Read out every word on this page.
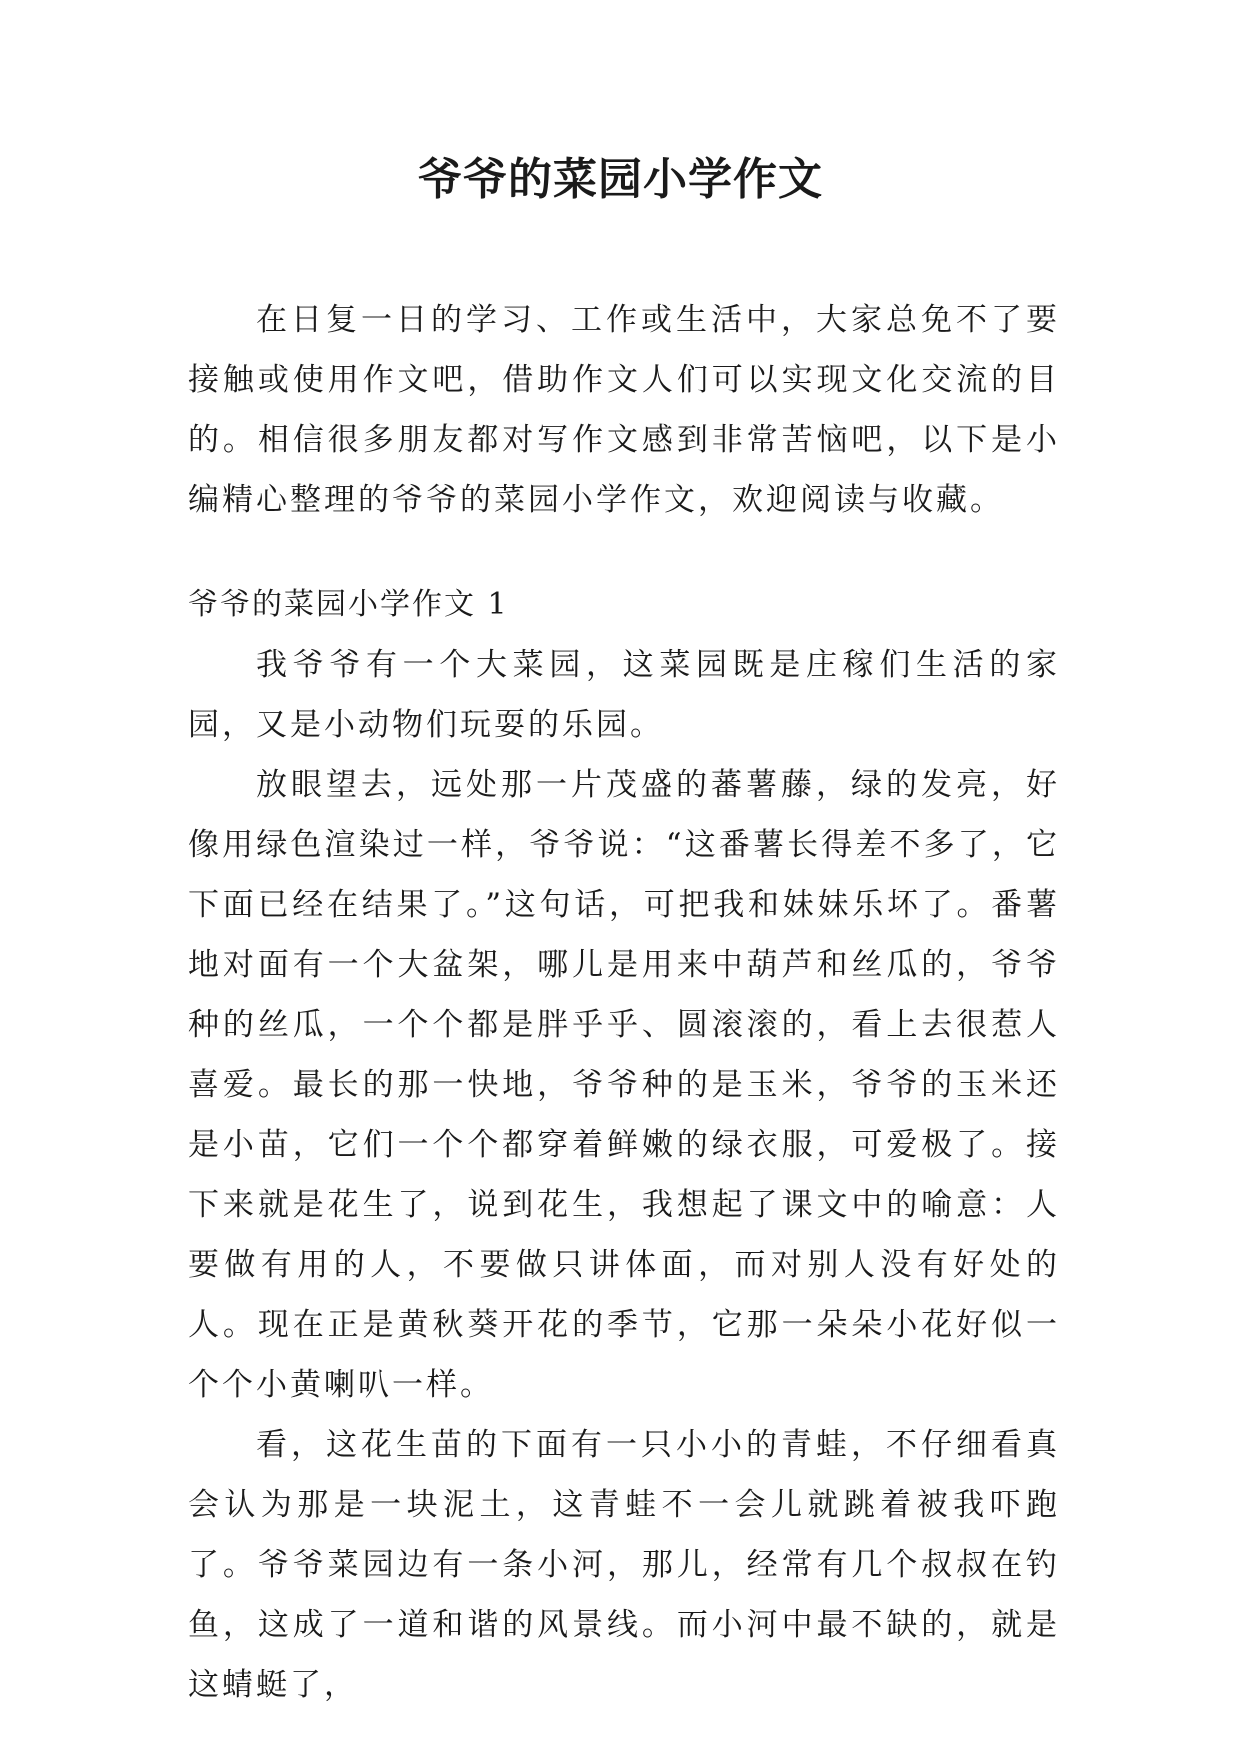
爷爷的菜园小学作文

在日复一日的学习、工作或生活中，大家总免不了要接触或使用作文吧，借助作文人们可以实现文化交流的目的。相信很多朋友都对写作文感到非常苦恼吧，以下是小编精心整理的爷爷的菜园小学作文，欢迎阅读与收藏。

爷爷的菜园小学作文 1

我爷爷有一个大菜园，这菜园既是庄稼们生活的家园，又是小动物们玩耍的乐园。

放眼望去，远处那一片茂盛的蕃薯藤，绿的发亮，好像用绿色渲染过一样，爷爷说：“这番薯长得差不多了，它下面已经在结果了。”这句话，可把我和妹妹乐坏了。番薯地对面有一个大盆架，哪儿是用来中葫芦和丝瓜的，爷爷种的丝瓜，一个个都是胖乎乎、圆滚滚的，看上去很惹人喜爱。最长的那一快地，爷爷种的是玉米，爷爷的玉米还是小苗，它们一个个都穿着鲜嫩的绿衣服，可爱极了。接下来就是花生了，说到花生，我想起了课文中的喻意：人要做有用的人，不要做只讲体面，而对别人没有好处的人。现在正是黄秋葵开花的季节，它那一朵朵小花好似一个个小黄喇叭一样。

看，这花生苗的下面有一只小小的青蛙，不仔细看真会认为那是一块泥土，这青蛙不一会儿就跳着被我吓跑了。爷爷菜园边有一条小河，那儿，经常有几个叔叔在钓鱼，这成了一道和谐的风景线。而小河中最不缺的，就是这蜻蜓了，
